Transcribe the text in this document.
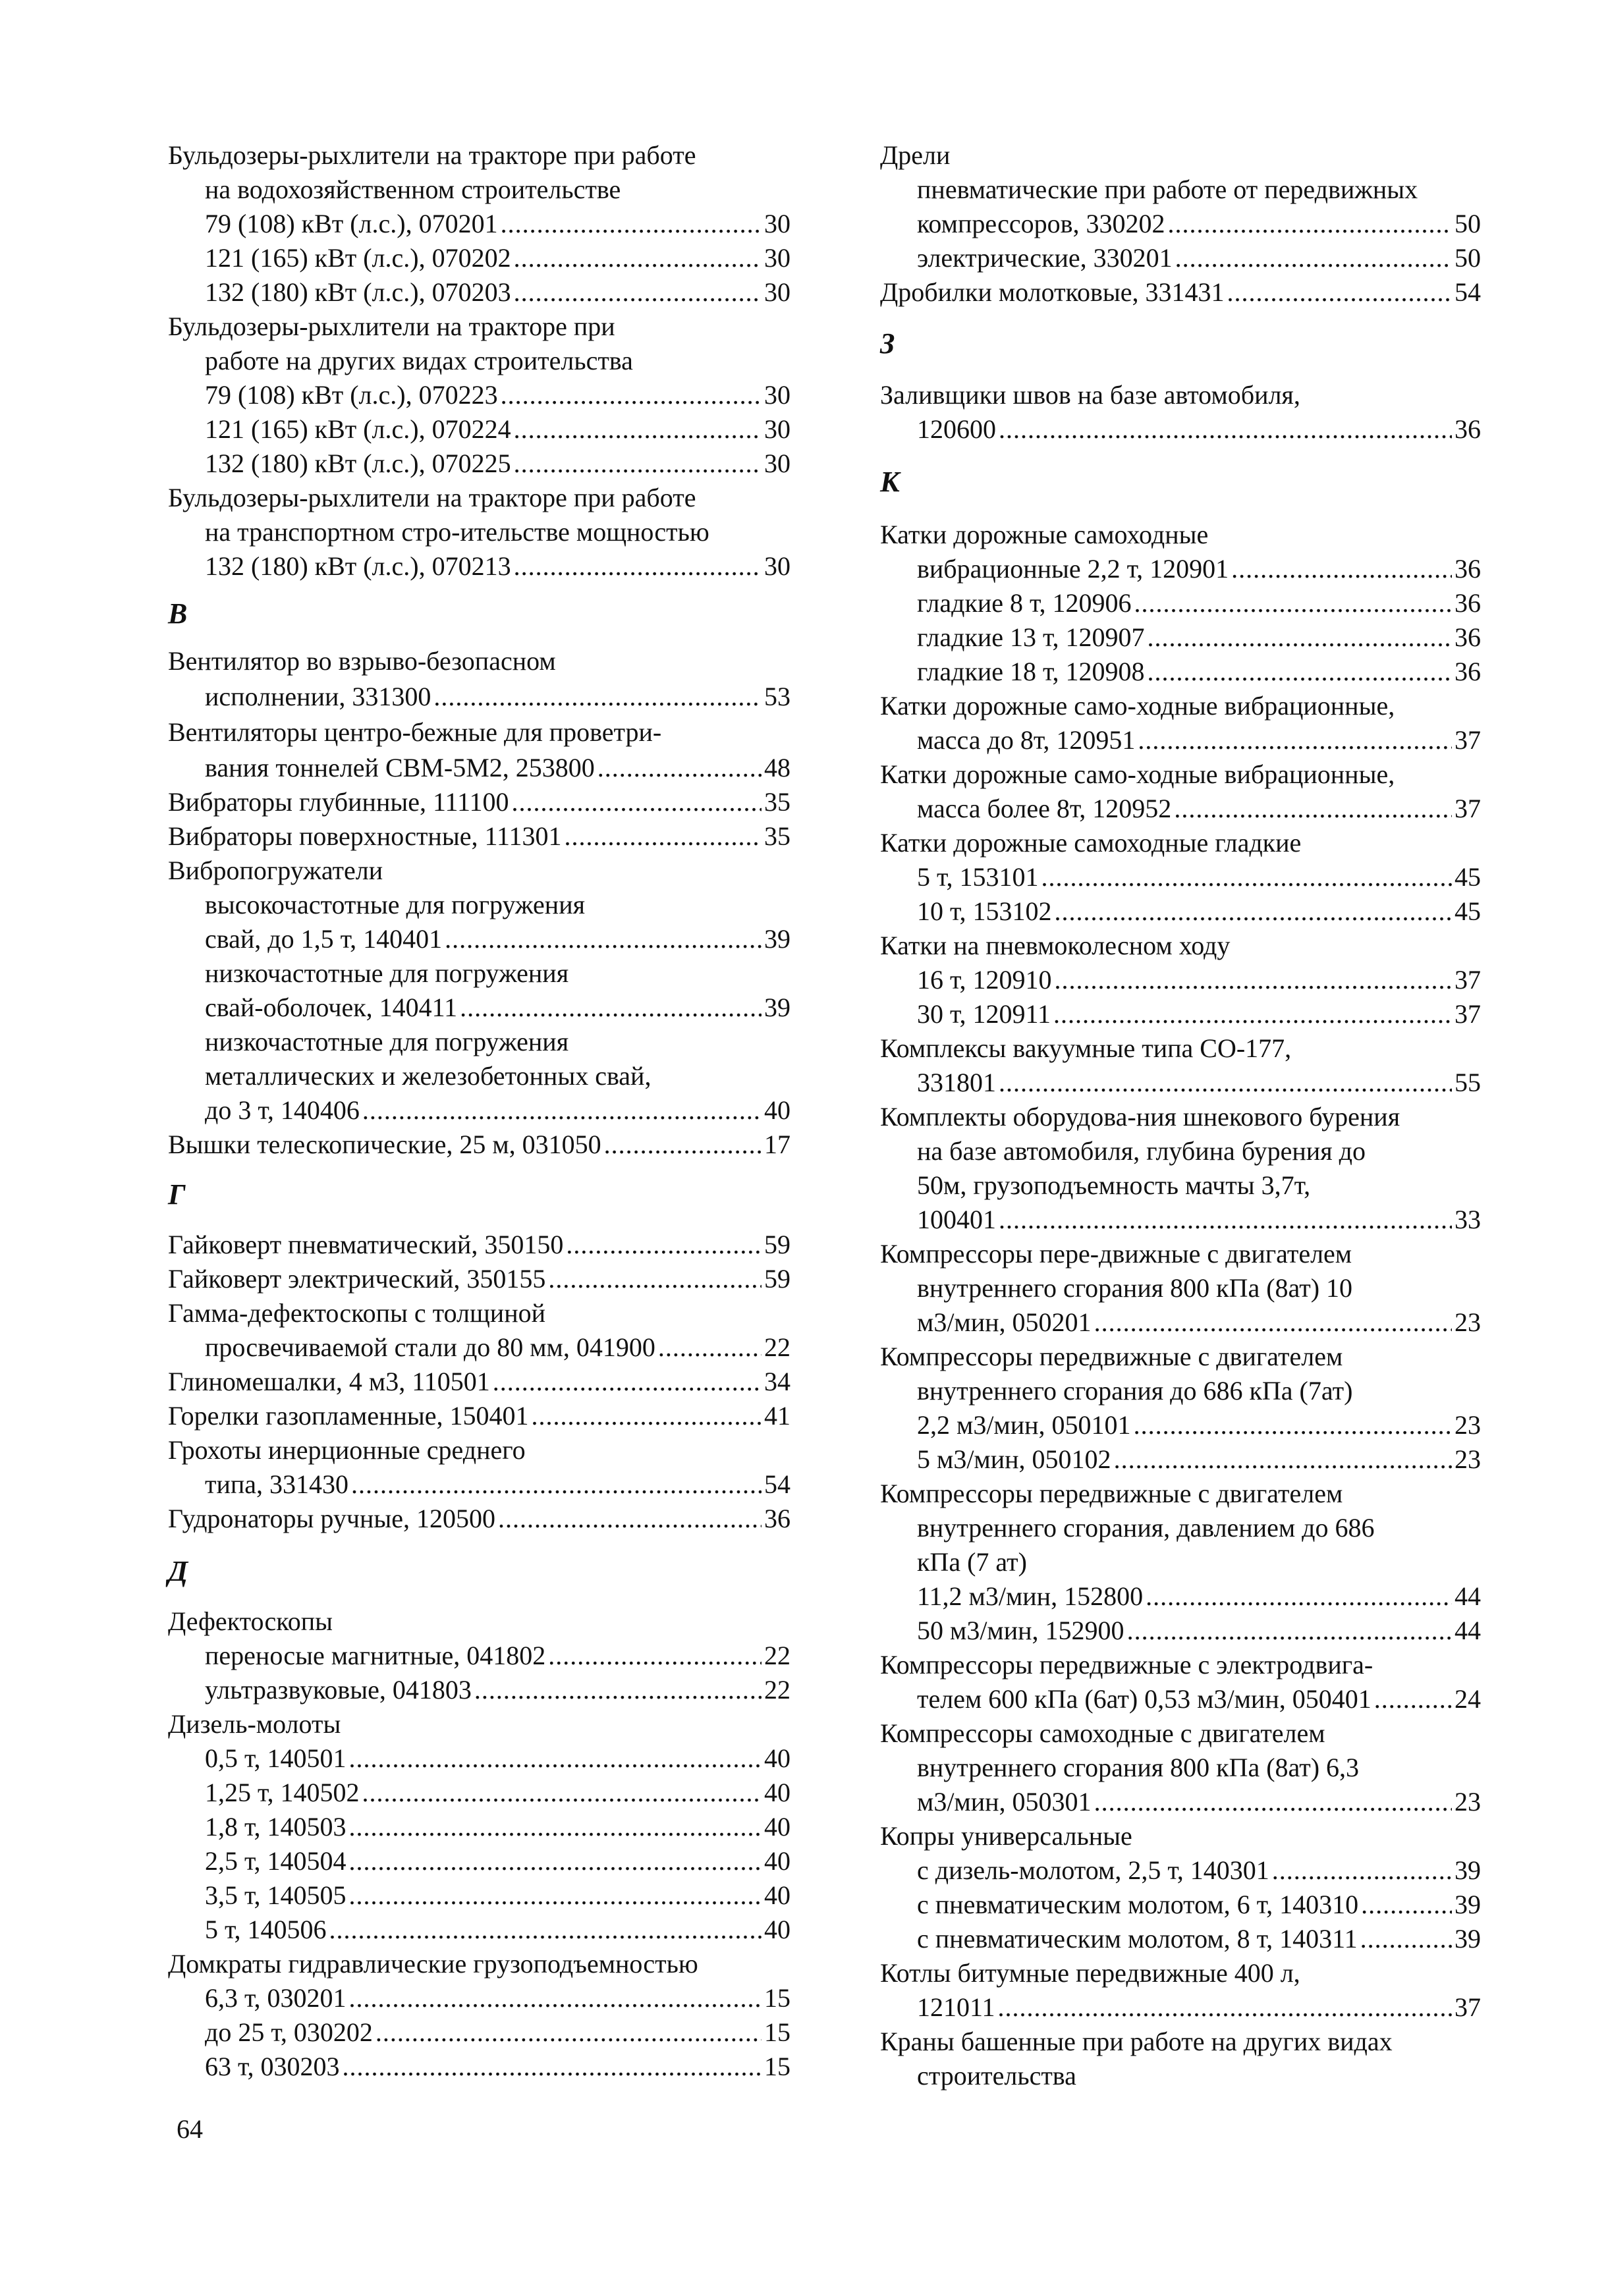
Бульдозеры-рыхлители на тракторе при работе
на водохозяйственном строительстве
79 (108) кВт (л.с.), 070201 .....	30
121 (165) кВт (л.с.), 070202 .....	30
132 (180) кВт (л.с.), 070203 .....	30
Бульдозеры-рыхлители на тракторе при
работе на других видах строительства
79 (108) кВт (л.с.), 070223 .....	30
121 (165) кВт (л.с.), 070224 .....	30
132 (180) кВт (л.с.), 070225 .....	30
Бульдозеры-рыхлители на тракторе при работе
на транспортном стро-ительстве мощностью
132 (180) кВт (л.с.), 070213 .....	30
В
Вентилятор во взрыво-безопасном
исполнении, 331300 .....	53
Вентиляторы центро-бежные для проветри-
вания тоннелей СВМ-5М2, 253800 .....	48
Вибраторы глубинные, 111100 .....	35
Вибраторы поверхностные, 111301 .....	35
Вибропогружатели
высокочастотные для погружения
свай, до 1,5 т, 140401 .....	39
низкочастотные для погружения
свай-оболочек, 140411 .....	39
низкочастотные для погружения
металлических и железобетонных свай,
до 3 т, 140406 .....	40
Вышки телескопические, 25 м, 031050 .....	17
Г
Гайковерт пневматический, 350150 .....	59
Гайковерт электрический, 350155 .....	59
Гамма-дефектоскопы с толщиной
просвечиваемой стали до 80 мм, 041900 .....	22
Глиномешалки, 4 м3, 110501 .....	34
Горелки газопламенные, 150401 .....	41
Грохоты инерционные среднего
типа, 331430 .....	54
Гудронаторы ручные, 120500 .....	36
Д
Дефектоскопы
переносые магнитные, 041802 .....	22
ультразвуковые, 041803 .....	22
Дизель-молоты
0,5 т, 140501 .....	40
1,25 т, 140502 .....	40
1,8 т, 140503 .....	40
2,5 т, 140504 .....	40
3,5 т, 140505 .....	40
5 т, 140506 .....	40
Домкраты гидравлические грузоподъемностью
6,3 т, 030201 .....	15
до 25 т, 030202 .....	15
63 т, 030203 .....	15
Дрели
пневматические при работе от передвижных
компрессоров, 330202 .....	50
электрические, 330201 .....	50
Дробилки молотковые, 331431 .....	54
З
Заливщики швов на базе автомобиля,
120600 .....	36
К
Катки дорожные самоходные
вибрационные 2,2 т, 120901 .....	36
гладкие 8 т, 120906 .....	36
гладкие 13 т, 120907 .....	36
гладкие 18 т, 120908 .....	36
Катки дорожные само-ходные вибрационные,
масса до 8т, 120951 .....	37
Катки дорожные само-ходные вибрационные,
масса более 8т, 120952 .....	37
Катки дорожные самоходные гладкие
5 т, 153101 .....	45
10 т, 153102 .....	45
Катки на пневмоколесном ходу
16 т, 120910 .....	37
30 т, 120911 .....	37
Комплексы вакуумные типа СО-177,
331801 .....	55
Комплекты оборудова-ния шнекового бурения
на базе автомобиля, глубина бурения до
50м, грузоподъемность мачты 3,7т,
100401 .....	33
Компрессоры пере-движные с двигателем
внутреннего сгорания 800 кПа (8ат) 10
м3/мин, 050201 .....	23
Компрессоры передвижные с двигателем
внутреннего сгорания до 686 кПа (7ат)
2,2 м3/мин, 050101 .....	23
5 м3/мин, 050102 .....	23
Компрессоры передвижные с двигателем
внутреннего сгорания, давлением до 686
кПа (7 ат)
11,2 м3/мин, 152800 .....	44
50 м3/мин, 152900 .....	44
Компрессоры передвижные с электродвига-
телем 600 кПа (6ат) 0,53 м3/мин, 050401 .....	24
Компрессоры самоходные с двигателем
внутреннего сгорания 800 кПа (8ат) 6,3
м3/мин, 050301 .....	23
Копры универсальные
с дизель-молотом, 2,5 т, 140301 .....	39
с пневматическим молотом, 6 т, 140310 .....	39
с пневматическим молотом, 8 т, 140311 .....	39
Котлы битумные передвижные 400 л,
121011 .....	37
Краны башенные при работе на других видах
строительства
64
